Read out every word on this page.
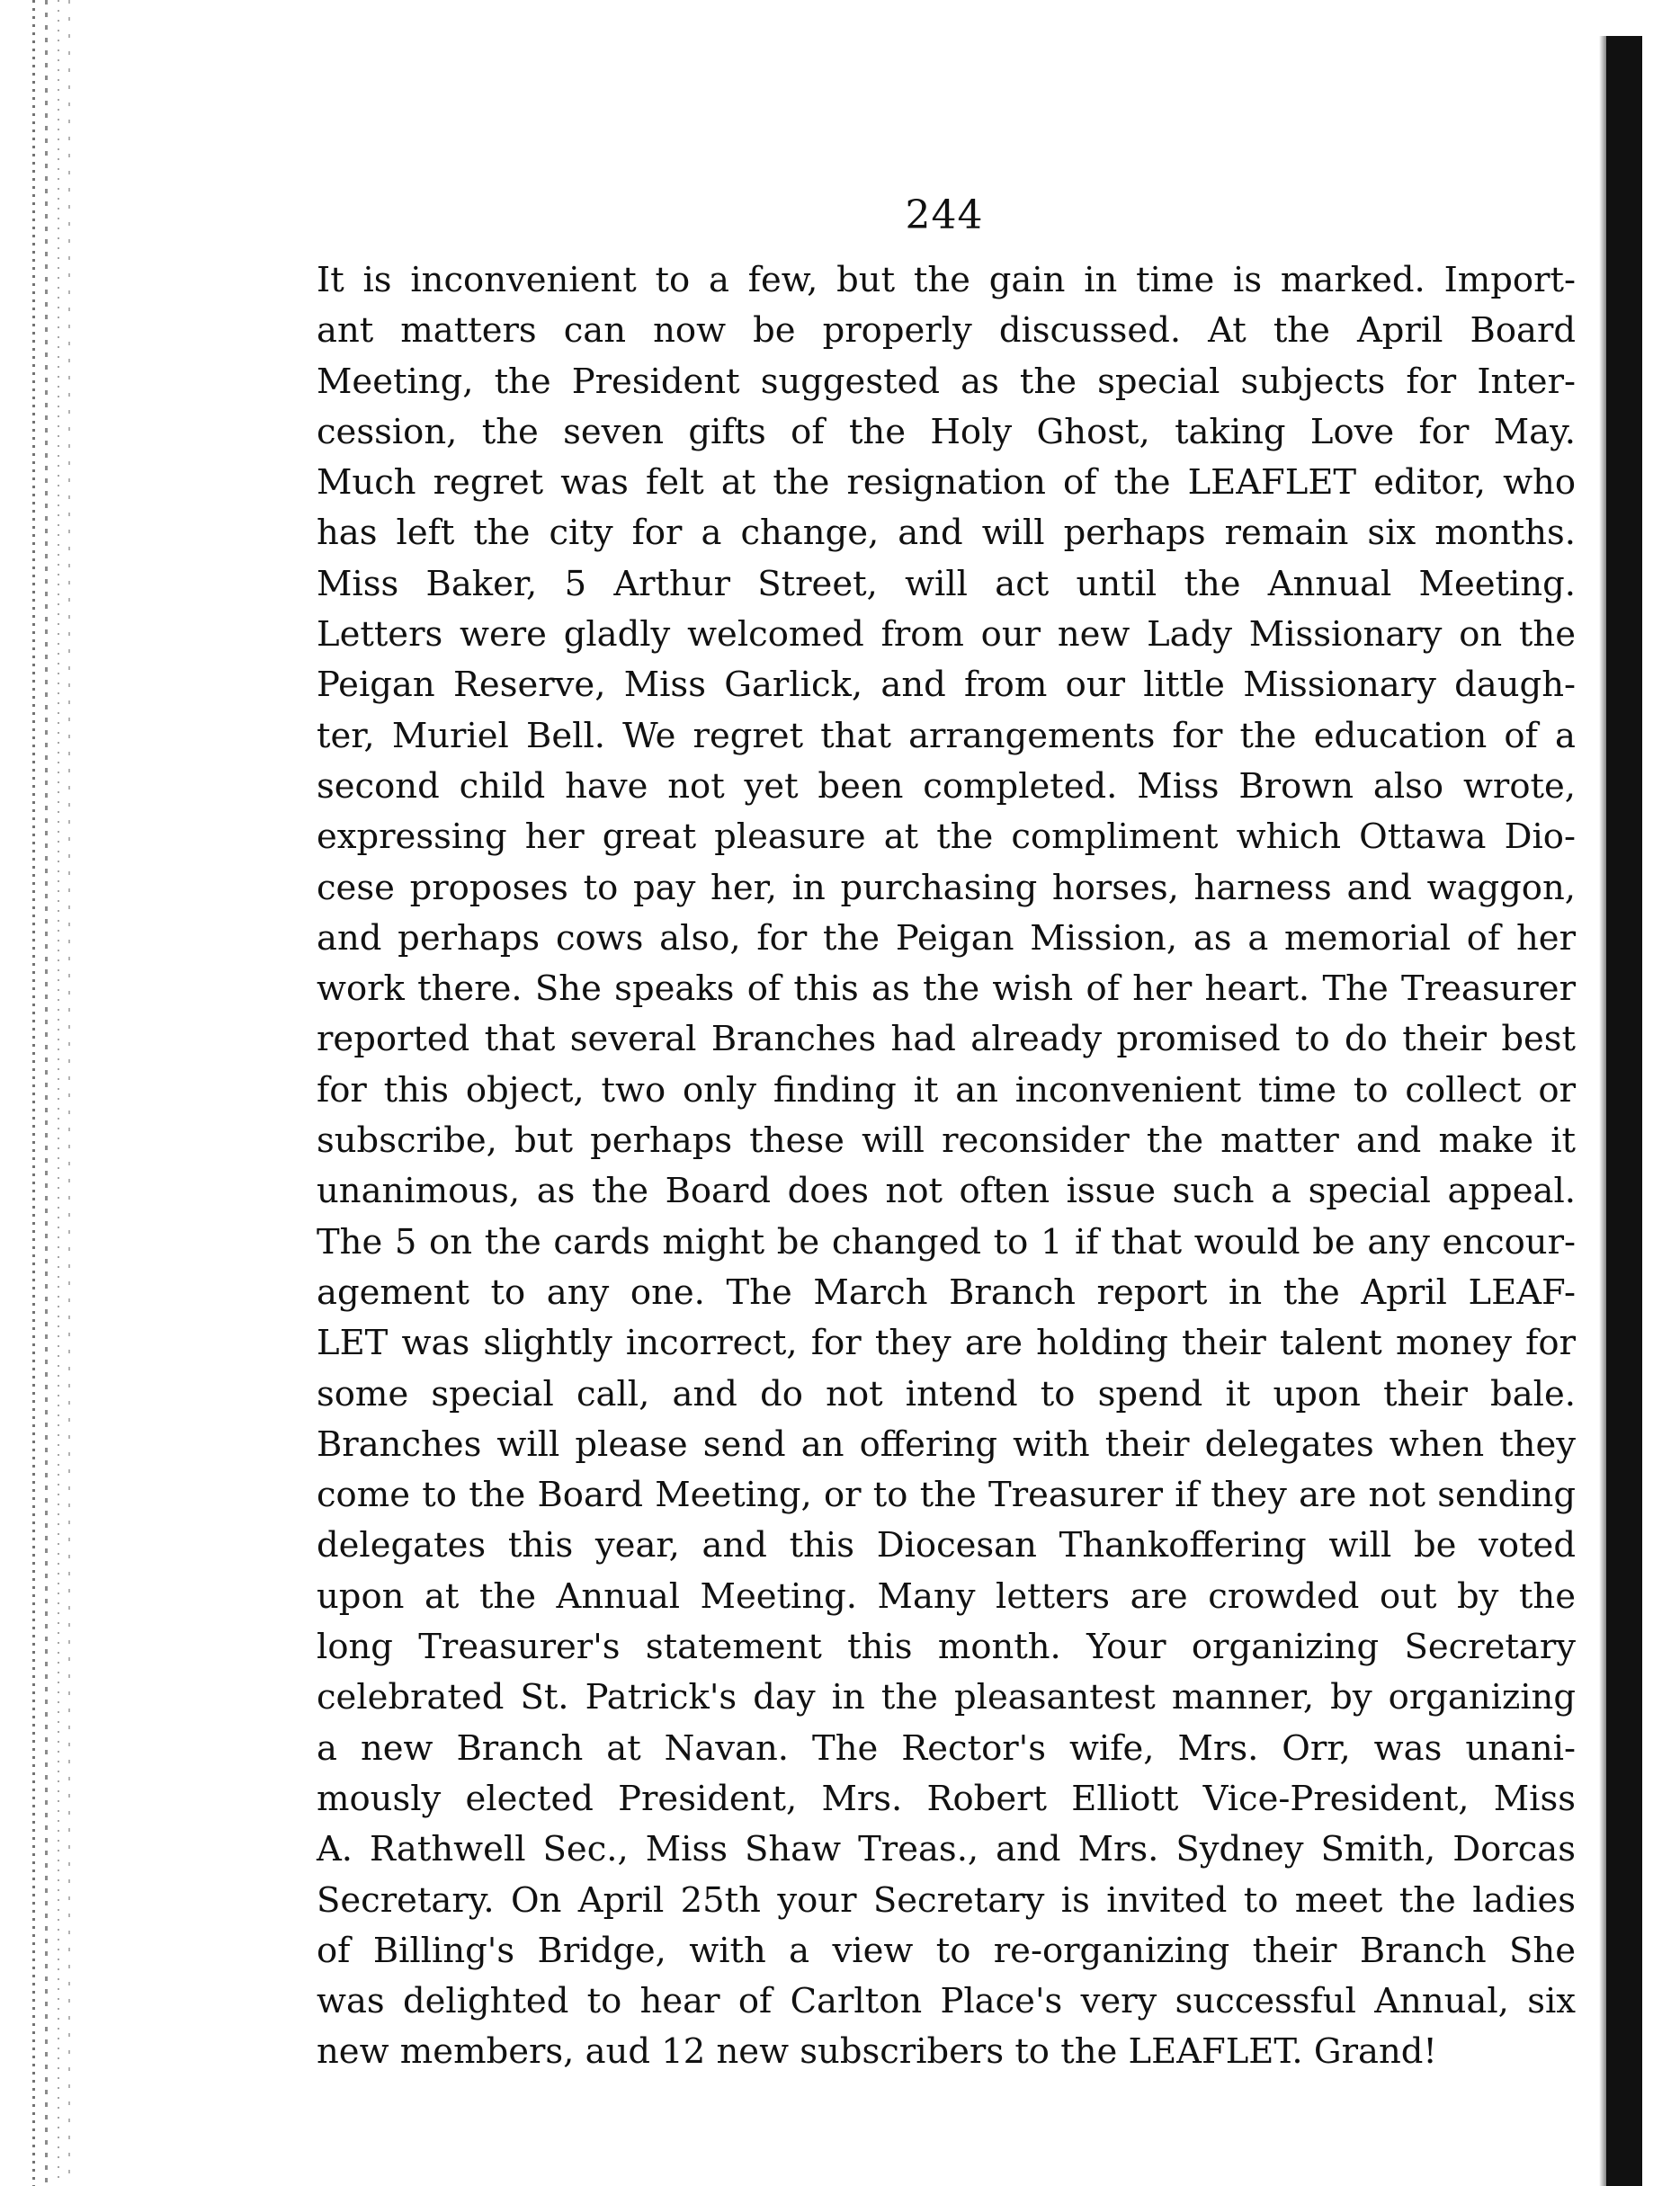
244
It is inconvenient to a few, but the gain in time is marked. Import-
ant matters can now be properly discussed. At the April Board
Meeting, the President suggested as the special subjects for Inter-
cession, the seven gifts of the Holy Ghost, taking Love for May.
Much regret was felt at the resignation of the LEAFLET editor, who
has left the city for a change, and will perhaps remain six months.
Miss Baker, 5 Arthur Street, will act until the Annual Meeting.
Letters were gladly welcomed from our new Lady Missionary on the
Peigan Reserve, Miss Garlick, and from our little Missionary daugh-
ter, Muriel Bell. We regret that arrangements for the education of a
second child have not yet been completed. Miss Brown also wrote,
expressing her great pleasure at the compliment which Ottawa Dio-
cese proposes to pay her, in purchasing horses, harness and waggon,
and perhaps cows also, for the Peigan Mission, as a memorial of her
work there. She speaks of this as the wish of her heart. The Treasurer
reported that several Branches had already promised to do their best
for this object, two only finding it an inconvenient time to collect or
subscribe, but perhaps these will reconsider the matter and make it
unanimous, as the Board does not often issue such a special appeal.
The 5 on the cards might be changed to 1 if that would be any encour-
agement to any one. The March Branch report in the April LEAF-
LET was slightly incorrect, for they are holding their talent money for
some special call, and do not intend to spend it upon their bale.
Branches will please send an offering with their delegates when they
come to the Board Meeting, or to the Treasurer if they are not sending
delegates this year, and this Diocesan Thankoffering will be voted
upon at the Annual Meeting. Many letters are crowded out by the
long Treasurer's statement this month. Your organizing Secretary
celebrated St. Patrick's day in the pleasantest manner, by organizing
a new Branch at Navan. The Rector's wife, Mrs. Orr, was unani-
mously elected President, Mrs. Robert Elliott Vice-President, Miss
A. Rathwell Sec., Miss Shaw Treas., and Mrs. Sydney Smith, Dorcas
Secretary. On April 25th your Secretary is invited to meet the ladies
of Billing's Bridge, with a view to re-organizing their Branch She
was delighted to hear of Carlton Place's very successful Annual, six
new members, aud 12 new subscribers to the LEAFLET. Grand!
